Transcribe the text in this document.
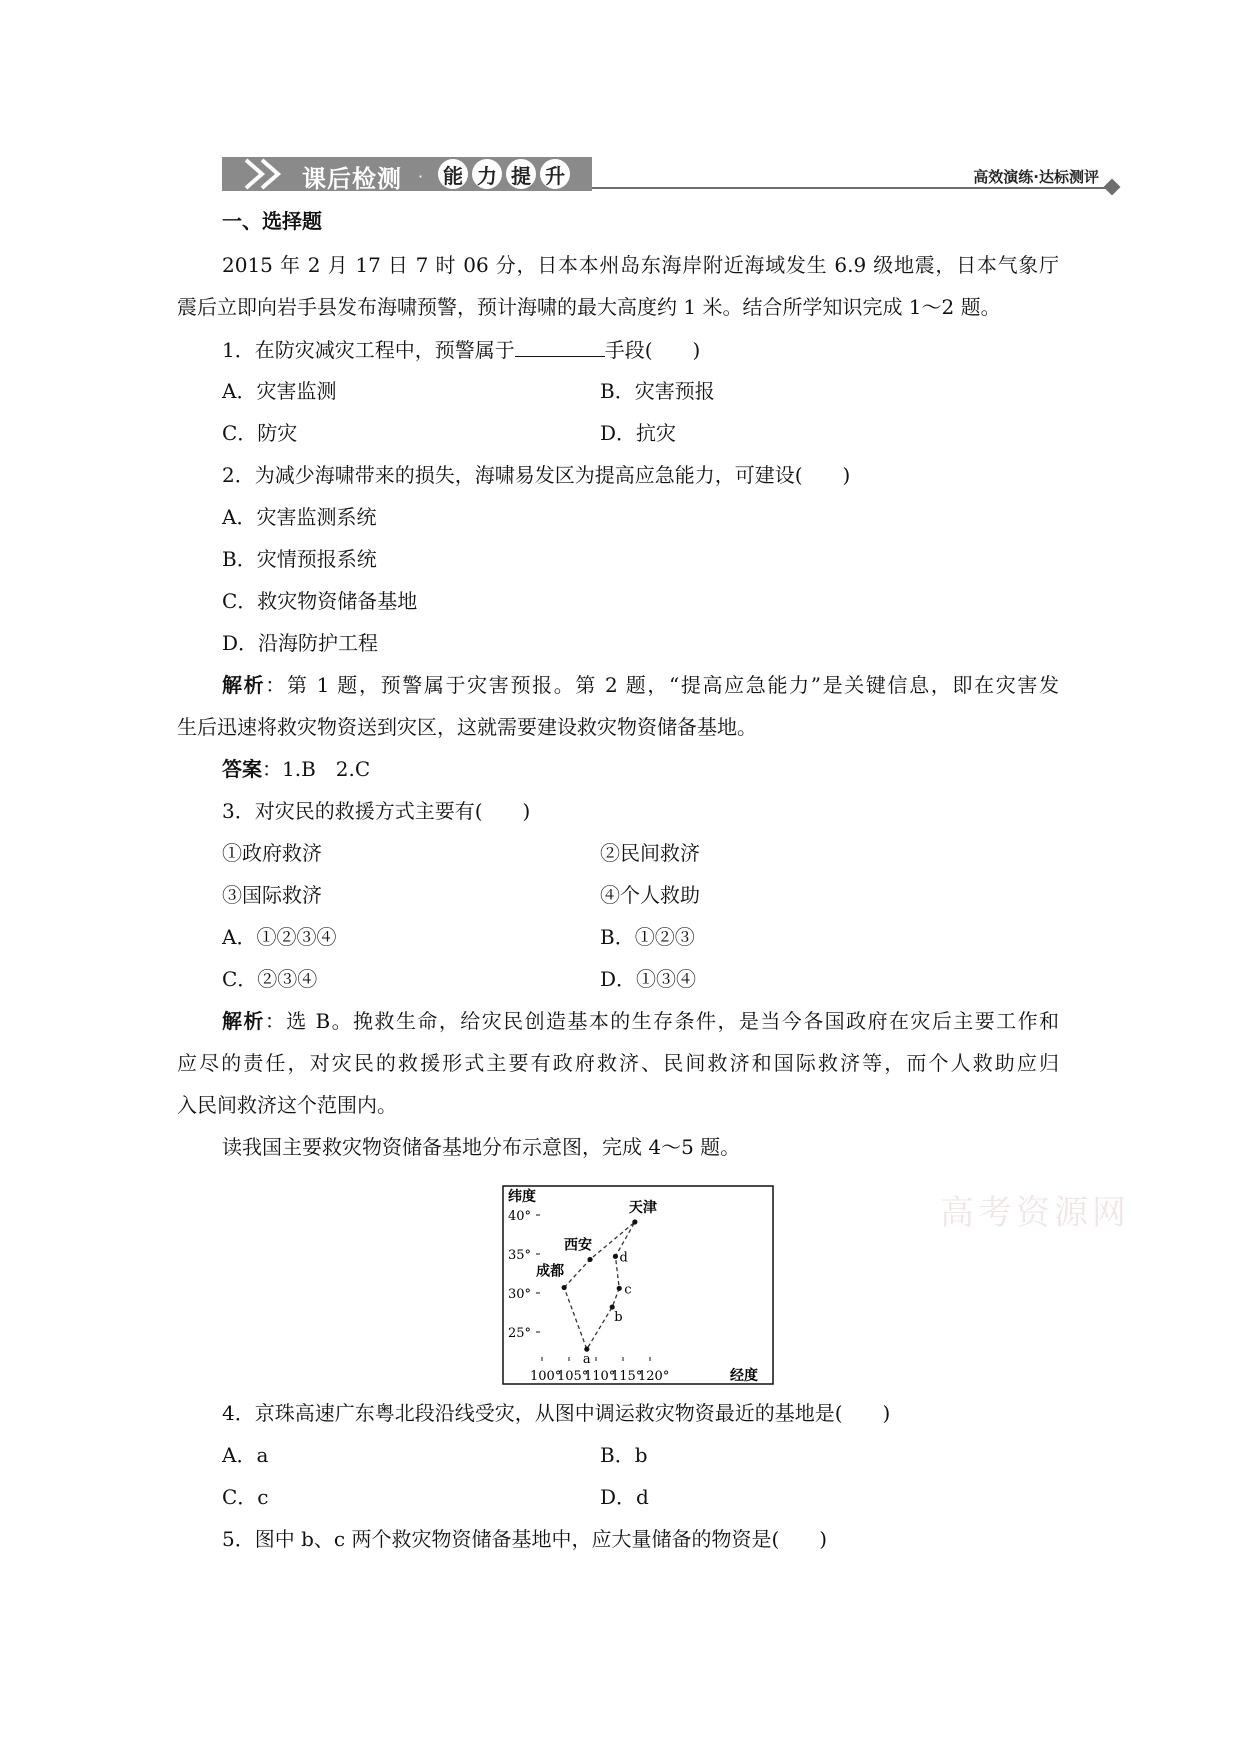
课后检测 · 能 力 提 升	高效演练·达标测评
一、选择题
2015 年 2 月 17 日 7 时 06 分，日本本州岛东海岸附近海域发生 6.9 级地震，日本气象厅
震后立即向岩手县发布海啸预警，预计海啸的最大高度约 1 米。结合所学知识完成 1～2 题。
1．在防灾减灾工程中，预警属于	手段(　　)
A．灾害监测	B．灾害预报
C．防灾	D．抗灾
2．为减少海啸带来的损失，海啸易发区为提高应急能力，可建设(　　)
A．灾害监测系统
B．灾情预报系统
C．救灾物资储备基地
D．沿海防护工程
解析：第 1 题，预警属于灾害预报。第 2 题，“提高应急能力”是关键信息，即在灾害发
生后迅速将救灾物资送到灾区，这就需要建设救灾物资储备基地。
答案：1.B　2.C
3．对灾民的救援方式主要有(　　)
①政府救济	②民间救济
③国际救济	④个人救助
A．①②③④	B．①②③
C．②③④	D．①③④
解析：选 B。挽救生命，给灾民创造基本的生存条件，是当今各国政府在灾后主要工作和
应尽的责任，对灾民的救援形式主要有政府救济、民间救济和国际救济等，而个人救助应归
入民间救济这个范围内。
读我国主要救灾物资储备基地分布示意图，完成 4～5 题。
高考资源网
纬度
经度
40°
35°
30°
25°
100°
105°
110°
115°
120°
天津
西安
成都
a
b
c
d
4．京珠高速广东粤北段沿线受灾，从图中调运救灾物资最近的基地是(　　)
A．a	B．b
C．c	D．d
5．图中 b、c 两个救灾物资储备基地中，应大量储备的物资是(　　)
